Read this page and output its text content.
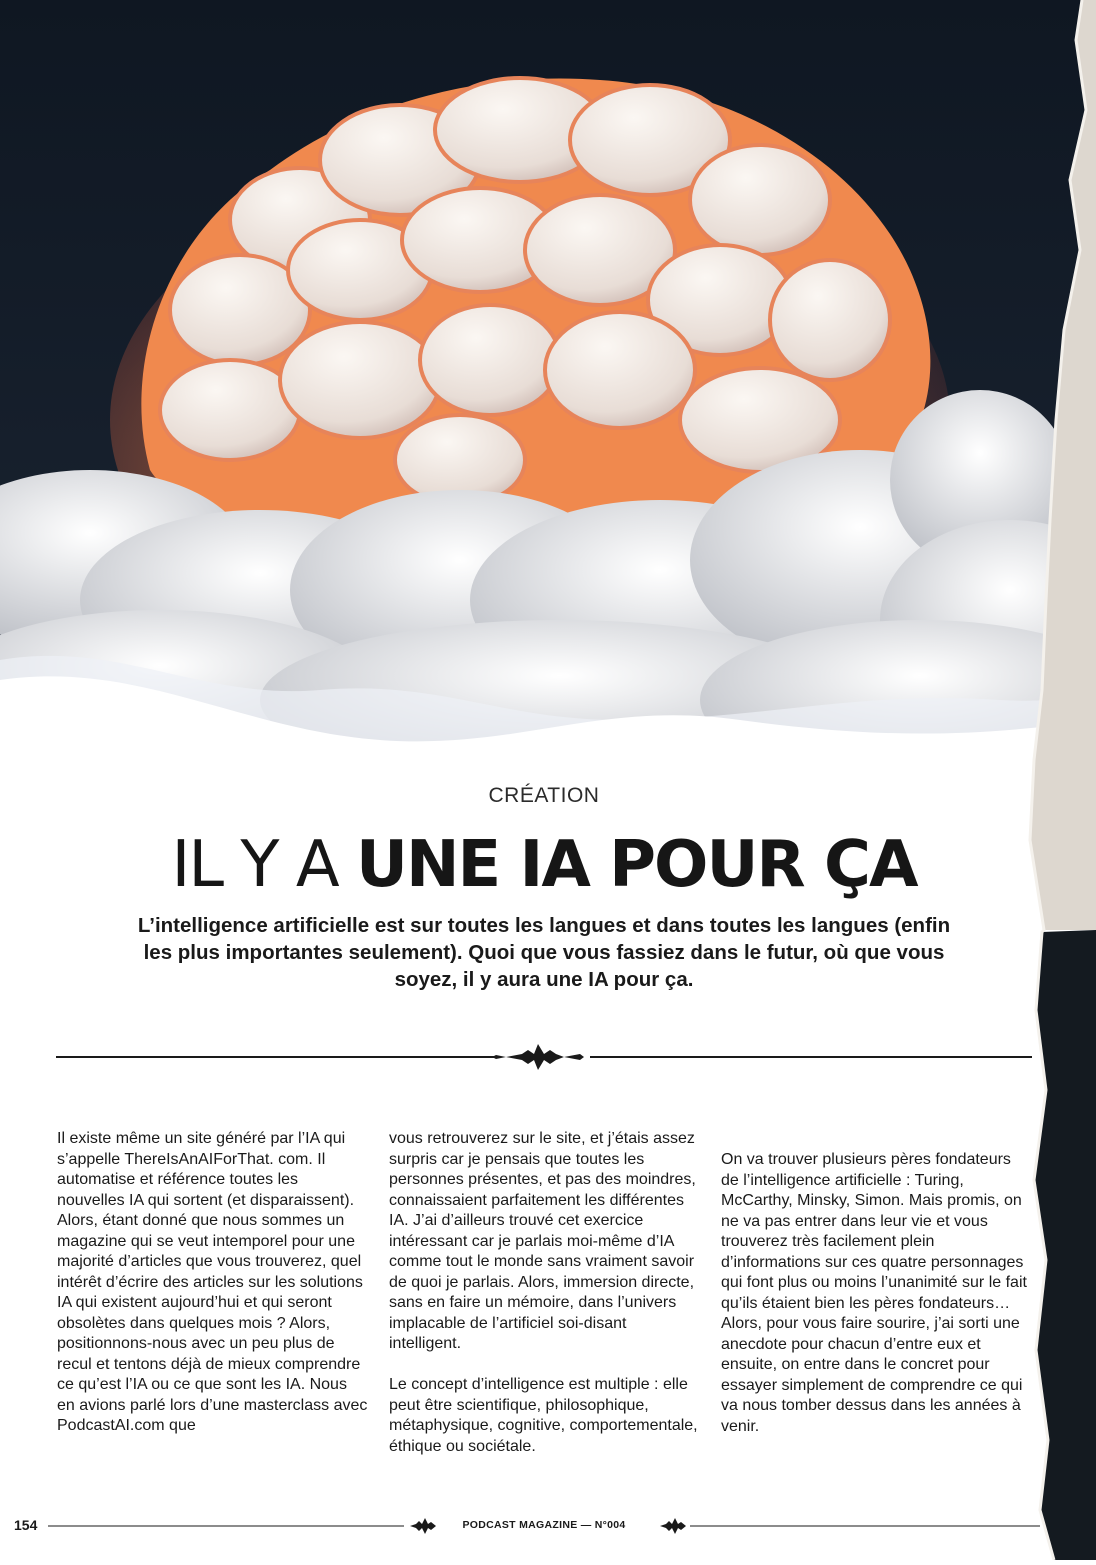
CRÉATION
IL Y A UNE IA POUR ÇA
L’intelligence artificielle est sur toutes les langues et dans toutes les langues (enfin les plus importantes seulement). Quoi que vous fassiez dans le futur, où que vous soyez, il y aura une IA pour ça.

Il existe même un site généré par l’IA qui s’appelle ThereIsAnAIForThat. com. Il automatise et référence toutes les nouvelles IA qui sortent (et disparaissent). Alors, étant donné que nous sommes un magazine qui se veut intemporel pour une majorité d’articles que vous trouverez, quel intérêt d’écrire des articles sur les solutions IA qui existent aujourd’hui et qui seront obsolètes dans quelques mois ? Alors, positionnons-nous avec un peu plus de recul et tentons déjà de mieux comprendre ce qu’est l’IA ou ce que sont les IA. Nous en avions parlé lors d’une masterclass avec PodcastAI.com que

vous retrouverez sur le site, et j’étais assez surpris car je pensais que toutes les personnes présentes, et pas des moindres, connaissaient parfaitement les différentes IA. J’ai d’ailleurs trouvé cet exercice intéressant car je parlais moi-même d’IA comme tout le monde sans vraiment savoir de quoi je parlais. Alors, immersion directe, sans en faire un mémoire, dans l’univers implacable de l’artificiel soi-disant intelligent.

Le concept d’intelligence est multiple : elle peut être scientifique, philosophique, métaphysique, cognitive, comportementale, éthique ou sociétale.

On va trouver plusieurs pères fondateurs de l’intelligence artificielle : Turing, McCarthy, Minsky, Simon. Mais promis, on ne va pas entrer dans leur vie et vous trouverez très facilement plein d’informations sur ces quatre personnages qui font plus ou moins l’unanimité sur le fait qu’ils étaient bien les pères fondateurs… Alors, pour vous faire sourire, j’ai sorti une anecdote pour chacun d’entre eux et ensuite, on entre dans le concret pour essayer simplement de comprendre ce qui va nous tomber dessus dans les années à venir.

154	PODCAST MAGAZINE — N°004
